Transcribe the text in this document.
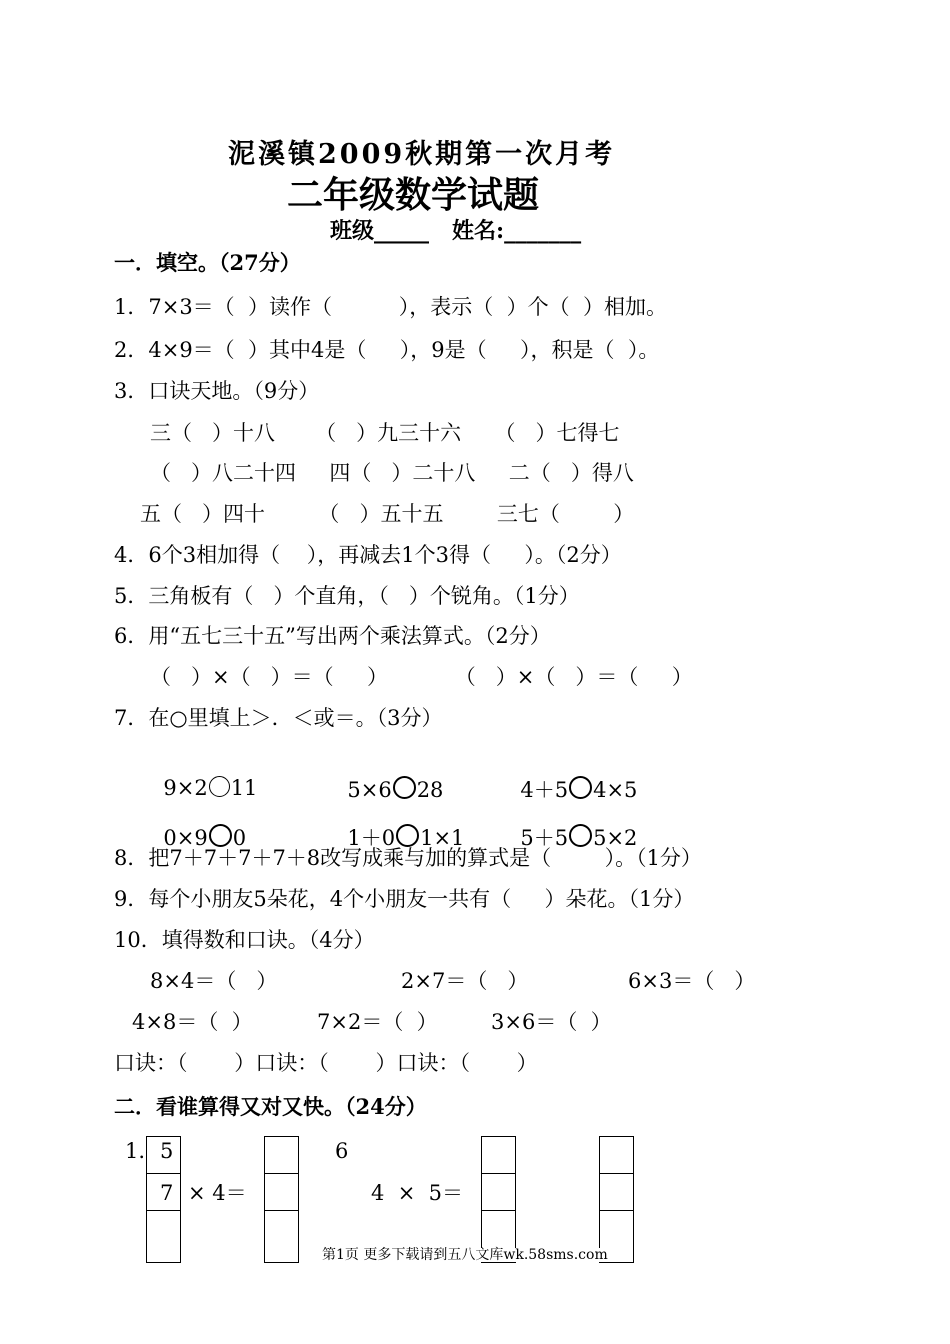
泥溪镇2009秋期第一次月考
二年级数学试题
班级_____   姓名:_______
一．填空。（27分）
1．7×3＝（  ）读作（          ），表示（  ）个（  ）相加。
2．4×9＝（  ）其中4是（     ），9是（     ），积是（  ）。
3．口诀天地。（9分）
三（   ）十八      （   ）九三十六     （   ）七得七
（   ）八二十四     四（   ）二十八     二（   ）得八
五（   ）四十        （   ）五十五        三七（        ）
4．6个3相加得（    ），再减去1个3得（     ）。（2分）
5．三角板有（   ）个直角，（   ）个锐角。（1分）
6．用“五七三十五”写出两个乘法算式。（2分）
（   ）×（   ）＝（     ）          （   ）×（   ）＝（     ）
7．在○里填上＞．＜或＝。（3分）

9×2 11	5×6 28	4＋5 4×5

0×9 0	1＋0 1×1	5＋5 5×2

8．把7＋7＋7＋7＋8改写成乘与加的算式是（        ）。（1分）
9．每个小朋友5朵花，4个小朋友一共有（     ）朵花。（1分）
10．填得数和口诀。（4分）
8×4＝（   ）	2×7＝（   ）	6×3＝（   ）
4×8＝（  ）	7×2＝（  ）	3×6＝（  ）
口诀：（       ）口诀：（       ）口诀：（       ）
二．看谁算得又对又快。（24分）
1. 5
7 × 4＝
6
4  ×  5＝
第1页 更多下载请到五八文库wk.58sms.com
